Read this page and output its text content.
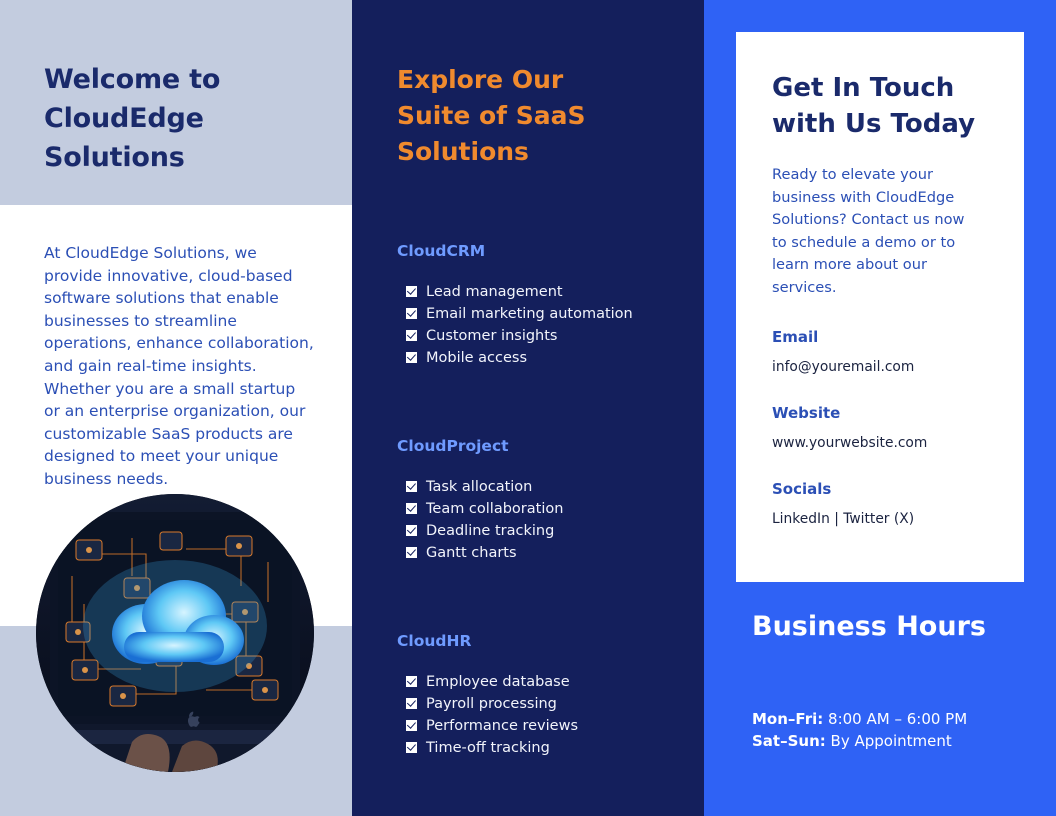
Welcome to CloudEdge Solutions

At CloudEdge Solutions, we provide innovative, cloud-based software solutions that enable businesses to streamline operations, enhance collaboration, and gain real-time insights. Whether you are a small startup or an enterprise organization, our customizable SaaS products are designed to meet your unique business needs.

Explore Our Suite of SaaS Solutions
CloudCRM
Lead management
Email marketing automation
Customer insights
Mobile access
CloudProject
Task allocation
Team collaboration
Deadline tracking
Gantt charts
CloudHR
Employee database
Payroll processing
Performance reviews
Time-off tracking
Get In Touch with Us Today

Ready to elevate your business with CloudEdge Solutions? Contact us now to schedule a demo or to learn more about our services.

Email
info@youremail.com
Website
www.yourwebsite.com
Socials
LinkedIn | Twitter (X)
Business Hours
Mon–Fri: 8:00 AM – 6:00 PM
Sat–Sun: By Appointment
